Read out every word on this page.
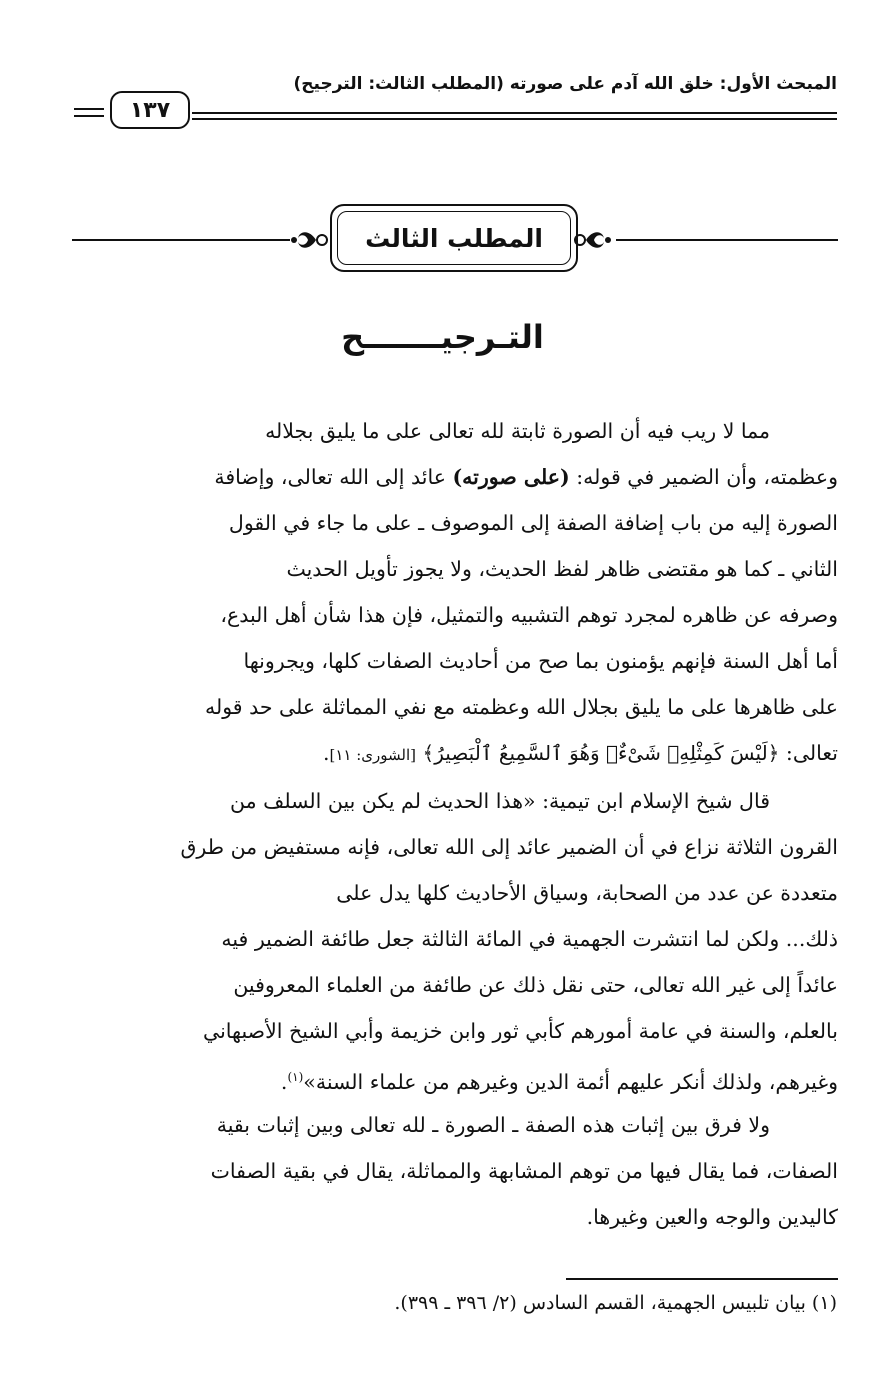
المبحث الأول: خلق الله آدم على صورته (المطلب الثالث: الترجيح)
١٣٧
المطلب الثالث
التـرجيـــــــح
مما لا ريب فيه أن الصورة ثابتة لله تعالى على ما يليق بجلاله
وعظمته، وأن الضمير في قوله: (على صورته) عائد إلى الله تعالى، وإضافة
الصورة إليه من باب إضافة الصفة إلى الموصوف ـ على ما جاء في القول
الثاني ـ كما هو مقتضى ظاهر لفظ الحديث، ولا يجوز تأويل الحديث
وصرفه عن ظاهره لمجرد توهم التشبيه والتمثيل، فإن هذا شأن أهل البدع،
أما أهل السنة فإنهم يؤمنون بما صح من أحاديث الصفات كلها، ويجرونها
على ظاهرها على ما يليق بجلال الله وعظمته مع نفي المماثلة على حد قوله
تعالى: ﴿لَيْسَ كَمِثْلِهِۦ شَىْءٌۖ وَهُوَ ٱلسَّمِيعُ ٱلْبَصِيرُ﴾ [الشورى: ١١].
قال شيخ الإسلام ابن تيمية: «هذا الحديث لم يكن بين السلف من
القرون الثلاثة نزاع في أن الضمير عائد إلى الله تعالى، فإنه مستفيض من طرق
متعددة عن عدد من الصحابة، وسياق الأحاديث كلها يدل على
ذلك... ولكن لما انتشرت الجهمية في المائة الثالثة جعل طائفة الضمير فيه
عائداً إلى غير الله تعالى، حتى نقل ذلك عن طائفة من العلماء المعروفين
بالعلم، والسنة في عامة أمورهم كأبي ثور وابن خزيمة وأبي الشيخ الأصبهاني
وغيرهم، ولذلك أنكر عليهم أئمة الدين وغيرهم من علماء السنة»$^{(١)}$.
ولا فرق بين إثبات هذه الصفة ـ الصورة ـ لله تعالى وبين إثبات بقية
الصفات، فما يقال فيها من توهم المشابهة والمماثلة، يقال في بقية الصفات
كاليدين والوجه والعين وغيرها.
(١) بيان تلبيس الجهمية، القسم السادس (٢/ ٣٩٦ ـ ٣٩٩).
